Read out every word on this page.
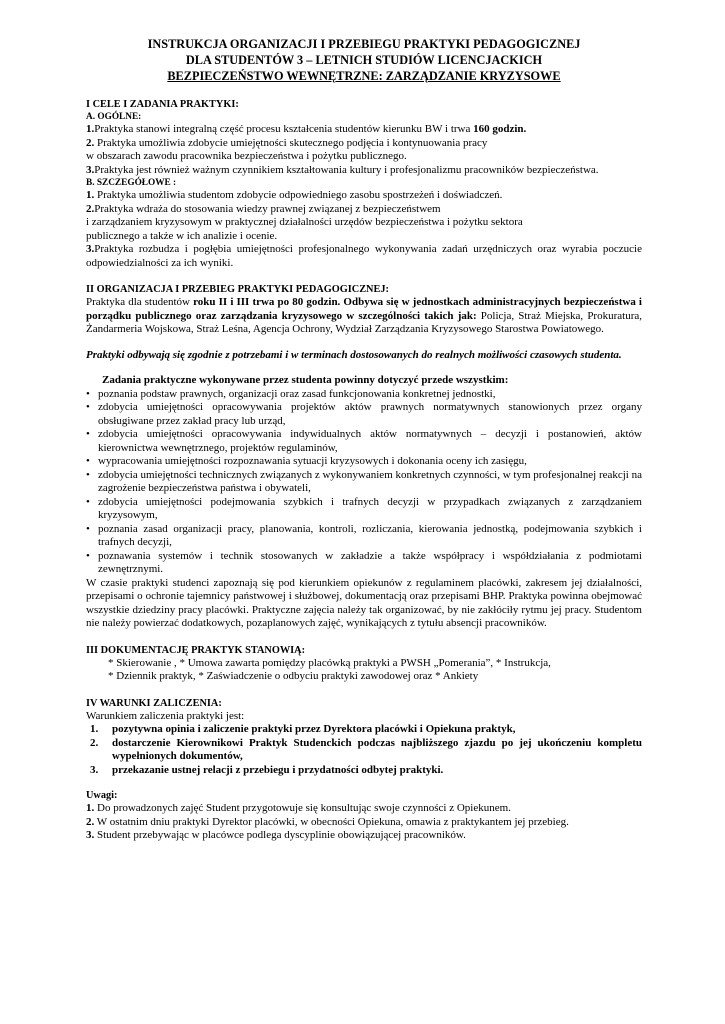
INSTRUKCJA ORGANIZACJI I PRZEBIEGU PRAKTYKI PEDAGOGICZNEJ
DLA STUDENTÓW 3 – LETNICH STUDIÓW LICENCJACKICH
BEZPIECZEŃSTWO WEWNĘTRZNE: ZARZĄDZANIE KRYZYSOWE

I CELE I ZADANIA PRAKTYKI:

A. OGÓLNE:

1.Praktyka stanowi integralną część procesu kształcenia studentów kierunku BW i trwa 160 godzin.

2. Praktyka umożliwia zdobycie umiejętności skutecznego podjęcia i kontynuowania pracy

w obszarach zawodu pracownika bezpieczeństwa i pożytku publicznego.

3.Praktyka jest również ważnym czynnikiem kształtowania kultury i profesjonalizmu pracowników bezpieczeństwa.

B. SZCZEGÓŁOWE :

1. Praktyka umożliwia studentom zdobycie odpowiedniego zasobu spostrzeżeń i doświadczeń.

2.Praktyka wdraża do stosowania wiedzy prawnej związanej z bezpieczeństwem

i zarządzaniem kryzysowym w praktycznej działalności urzędów bezpieczeństwa i pożytku sektora

publicznego a także w ich analizie i ocenie.

3.Praktyka rozbudza i pogłębia umiejętności profesjonalnego wykonywania zadań urzędniczych oraz wyrabia poczucie odpowiedzialności za ich wyniki.

II ORGANIZACJA I PRZEBIEG PRAKTYKI PEDAGOGICZNEJ:

Praktyka dla studentów roku II i III trwa po 80 godzin. Odbywa się w jednostkach administracyjnych bezpieczeństwa i porządku publicznego oraz zarządzania kryzysowego w szczególności takich jak: Policja, Straż Miejska, Prokuratura, Żandarmeria Wojskowa, Straż Leśna, Agencja Ochrony, Wydział Zarządzania Kryzysowego Starostwa Powiatowego.

Praktyki odbywają się zgodnie z potrzebami i w terminach dostosowanych do realnych możliwości czasowych studenta.

Zadania praktyczne wykonywane przez studenta powinny dotyczyć przede wszystkim:

• poznania podstaw prawnych, organizacji oraz zasad funkcjonowania konkretnej jednostki,
• zdobycia umiejętności opracowywania projektów aktów prawnych normatywnych stanowionych przez organy obsługiwane przez zakład pracy lub urząd,
• zdobycia umiejętności opracowywania indywidualnych aktów normatywnych – decyzji i postanowień, aktów kierownictwa wewnętrznego, projektów regulaminów,
• wypracowania umiejętności rozpoznawania sytuacji kryzysowych i dokonania oceny ich zasięgu,
• zdobycia umiejętności technicznych związanych z wykonywaniem konkretnych czynności, w tym profesjonalnej reakcji na zagrożenie bezpieczeństwa państwa i obywateli,
• zdobycia umiejętności podejmowania szybkich i trafnych decyzji w przypadkach związanych z zarządzaniem kryzysowym,
• poznania zasad organizacji pracy, planowania, kontroli, rozliczania, kierowania jednostką, podejmowania szybkich i trafnych decyzji,
• poznawania systemów i technik stosowanych w zakładzie a także współpracy i współdziałania z podmiotami zewnętrznymi.

W czasie praktyki studenci zapoznają się pod kierunkiem opiekunów z regulaminem placówki, zakresem jej działalności, przepisami o ochronie tajemnicy państwowej i służbowej, dokumentacją oraz przepisami BHP. Praktyka powinna obejmować wszystkie dziedziny pracy placówki. Praktyczne zajęcia należy tak organizować, by nie zakłóciły rytmu jej pracy. Studentom nie należy powierzać dodatkowych, pozaplanowych zajęć, wynikających z tytułu absencji pracowników.

III DOKUMENTACJĘ PRAKTYK STANOWIĄ:

* Skierowanie , * Umowa zawarta pomiędzy placówką praktyki a PWSH „Pomerania”, * Instrukcja,

* Dziennik praktyk, * Zaświadczenie o odbyciu praktyki zawodowej oraz * Ankiety

IV WARUNKI ZALICZENIA:

Warunkiem zaliczenia praktyki jest:

1.	pozytywna opinia i zaliczenie praktyki przez Dyrektora placówki i Opiekuna praktyk,
2.	dostarczenie Kierownikowi Praktyk Studenckich podczas najbliższego zjazdu po jej ukończeniu kompletu wypełnionych dokumentów,
3.	przekazanie ustnej relacji z przebiegu i przydatności odbytej praktyki.

Uwagi:

1. Do prowadzonych zajęć Student przygotowuje się konsultując swoje czynności z Opiekunem.

2. W ostatnim dniu praktyki Dyrektor placówki, w obecności Opiekuna, omawia z praktykantem jej przebieg.

3. Student przebywając w placówce podlega dyscyplinie obowiązującej pracowników.
